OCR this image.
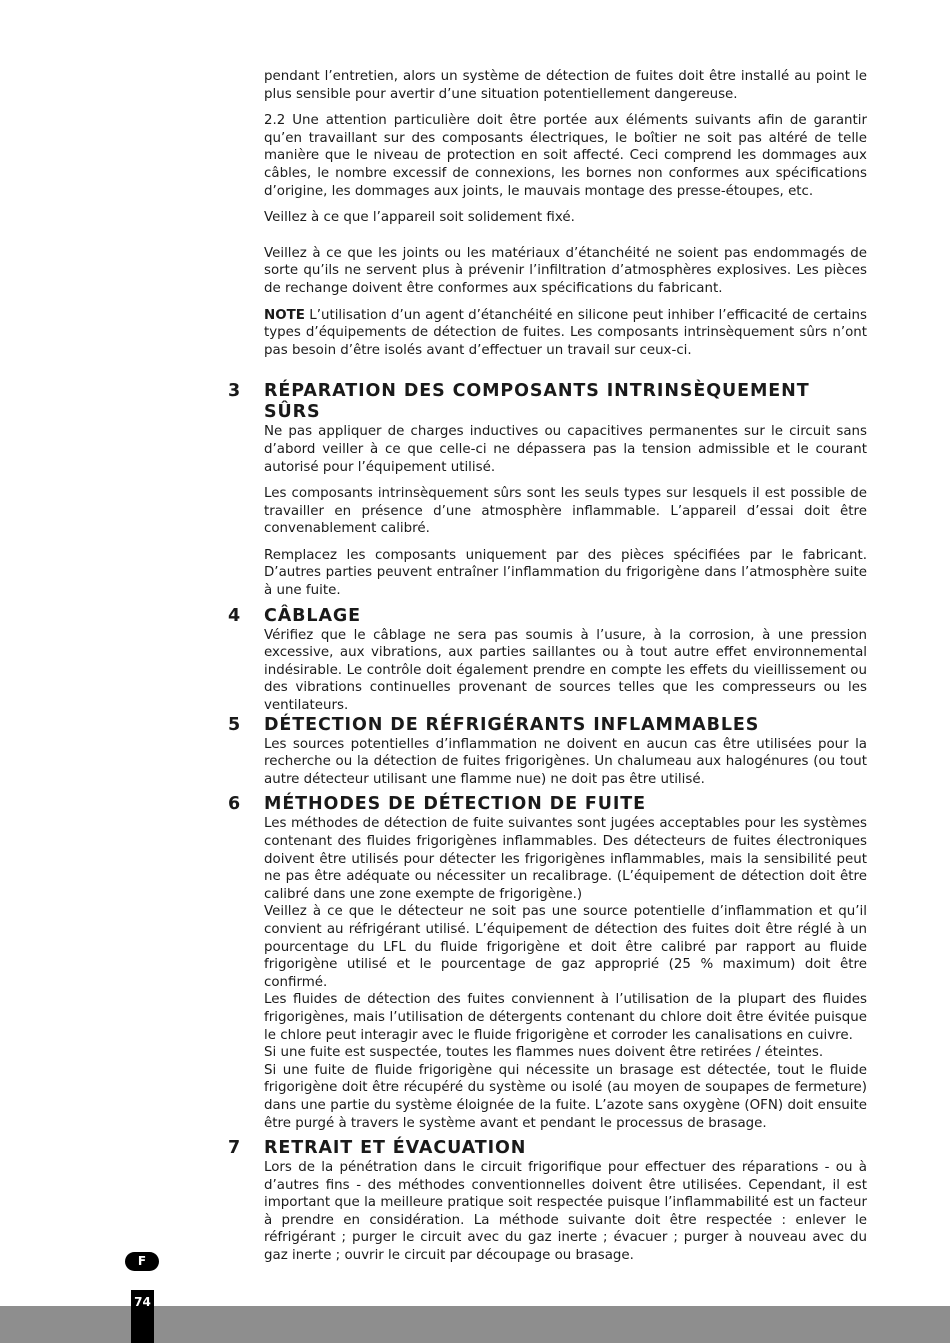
pendant l’entretien, alors un système de détection de fuites doit être installé au point le plus sensible pour avertir d’une situation potentiellement dangereuse.

2.2 Une attention particulière doit être portée aux éléments suivants afin de garantir qu’en travaillant sur des composants électriques, le boîtier ne soit pas altéré de telle manière que le niveau de protection en soit affecté. Ceci comprend les dommages aux câbles, le nombre excessif de connexions, les bornes non conformes aux spécifications d’origine, les dommages aux joints, le mauvais montage des presse-étoupes, etc.

Veillez à ce que l’appareil soit solidement fixé.

Veillez à ce que les joints ou les matériaux d’étanchéité ne soient pas endommagés de sorte qu’ils ne servent plus à prévenir l’infiltration d’atmosphères explosives. Les pièces de rechange doivent être conformes aux spécifications du fabricant.

NOTE L’utilisation d’un agent d’étanchéité en silicone peut inhiber l’efficacité de certains types d’équipements de détection de fuites. Les composants intrinsèquement sûrs n’ont pas besoin d’être isolés avant d’effectuer un travail sur ceux-ci.

3 RÉPARATION DES COMPOSANTS INTRINSÈQUEMENT SÛRS

Ne pas appliquer de charges inductives ou capacitives permanentes sur le circuit sans d’abord veiller à ce que celle-ci ne dépassera pas la tension admissible et le courant autorisé pour l’équipement utilisé.

Les composants intrinsèquement sûrs sont les seuls types sur lesquels il est possible de travailler en présence d’une atmosphère inflammable. L’appareil d’essai doit être convenablement calibré.

Remplacez les composants uniquement par des pièces spécifiées par le fabricant. D’autres parties peuvent entraîner l’inflammation du frigorigène dans l’atmosphère suite à une fuite.

4 CÂBLAGE

Vérifiez que le câblage ne sera pas soumis à l’usure, à la corrosion, à une pression excessive, aux vibrations, aux parties saillantes ou à tout autre effet environnemental indésirable. Le contrôle doit également prendre en compte les effets du vieillissement ou des vibrations continuelles provenant de sources telles que les compresseurs ou les ventilateurs.

5 DÉTECTION DE RÉFRIGÉRANTS INFLAMMABLES

Les sources potentielles d’inflammation ne doivent en aucun cas être utilisées pour la recherche ou la détection de fuites frigorigènes. Un chalumeau aux halogénures (ou tout autre détecteur utilisant une flamme nue) ne doit pas être utilisé.

6 MÉTHODES DE DÉTECTION DE FUITE

Les méthodes de détection de fuite suivantes sont jugées acceptables pour les systèmes contenant des fluides frigorigènes inflammables. Des détecteurs de fuites électroniques doivent être utilisés pour détecter les frigorigènes inflammables, mais la sensibilité peut ne pas être adéquate ou nécessiter un recalibrage. (L’équipement de détection doit être calibré dans une zone exempte de frigorigène.)

Veillez à ce que le détecteur ne soit pas une source potentielle d’inflammation et qu’il convient au réfrigérant utilisé. L’équipement de détection des fuites doit être réglé à un pourcentage du LFL du fluide frigorigène et doit être calibré par rapport au fluide frigorigène utilisé et le pourcentage de gaz approprié (25 % maximum) doit être confirmé.

Les fluides de détection des fuites conviennent à l’utilisation de la plupart des fluides frigorigènes, mais l’utilisation de détergents contenant du chlore doit être évitée puisque le chlore peut interagir avec le fluide frigorigène et corroder les canalisations en cuivre.

Si une fuite est suspectée, toutes les flammes nues doivent être retirées / éteintes.

Si une fuite de fluide frigorigène qui nécessite un brasage est détectée, tout le fluide frigorigène doit être récupéré du système ou isolé (au moyen de soupapes de fermeture) dans une partie du système éloignée de la fuite. L’azote sans oxygène (OFN) doit ensuite être purgé à travers le système avant et pendant le processus de brasage.

7 RETRAIT ET ÉVACUATION

Lors de la pénétration dans le circuit frigorifique pour effectuer des réparations - ou à d’autres fins - des méthodes conventionnelles doivent être utilisées. Cependant, il est important que la meilleure pratique soit respectée puisque l’inflammabilité est un facteur à prendre en considération. La méthode suivante doit être respectée : enlever le réfrigérant ; purger le circuit avec du gaz inerte ; évacuer ; purger à nouveau avec du gaz inerte ; ouvrir le circuit par découpage ou brasage.

F
74
